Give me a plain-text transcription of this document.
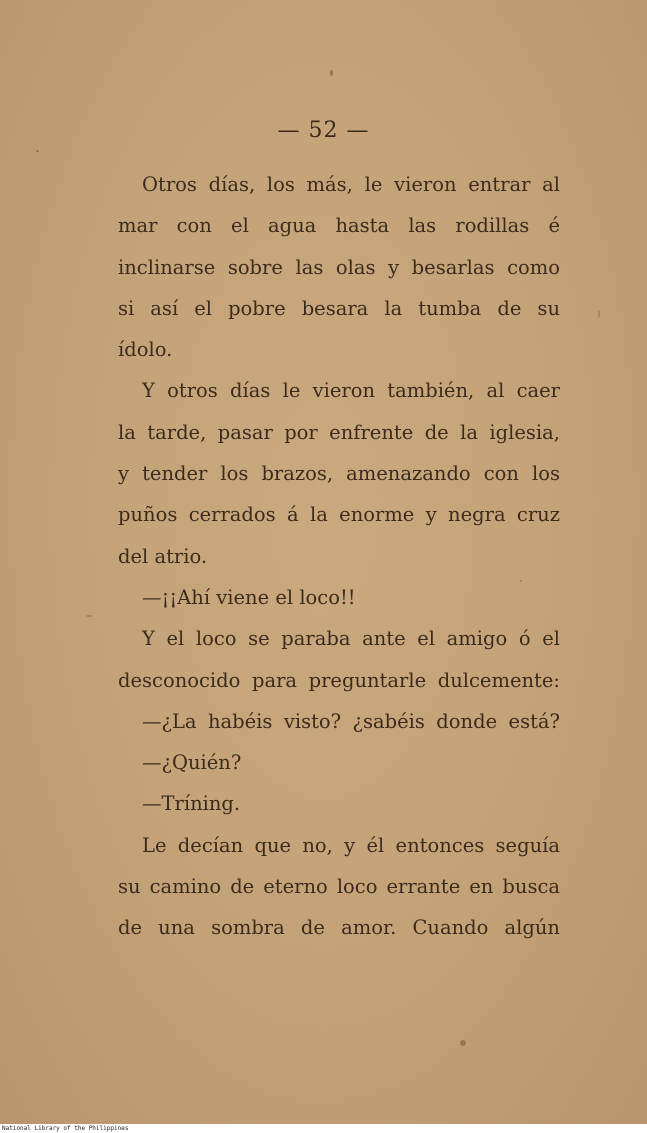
— 52 —
Otros días, los más, le vieron entrar al
mar con el agua hasta las rodillas é
inclinarse sobre las olas y besarlas como
si así el pobre besara la tumba de su
ídolo.
Y otros días le vieron también, al caer
la tarde, pasar por enfrente de la iglesia,
y tender los brazos, amenazando con los
puños cerrados á la enorme y negra cruz
del atrio.
—¡¡Ahí viene el loco!!
Y el loco se paraba ante el amigo ó el
desconocido para preguntarle dulcemente:
—¿La habéis visto? ¿sabéis donde está?
—¿Quién?
—Tríning.
Le decían que no, y él entonces seguía
su camino de eterno loco errante en busca
de una sombra de amor. Cuando algún
National Library of the Philippines
